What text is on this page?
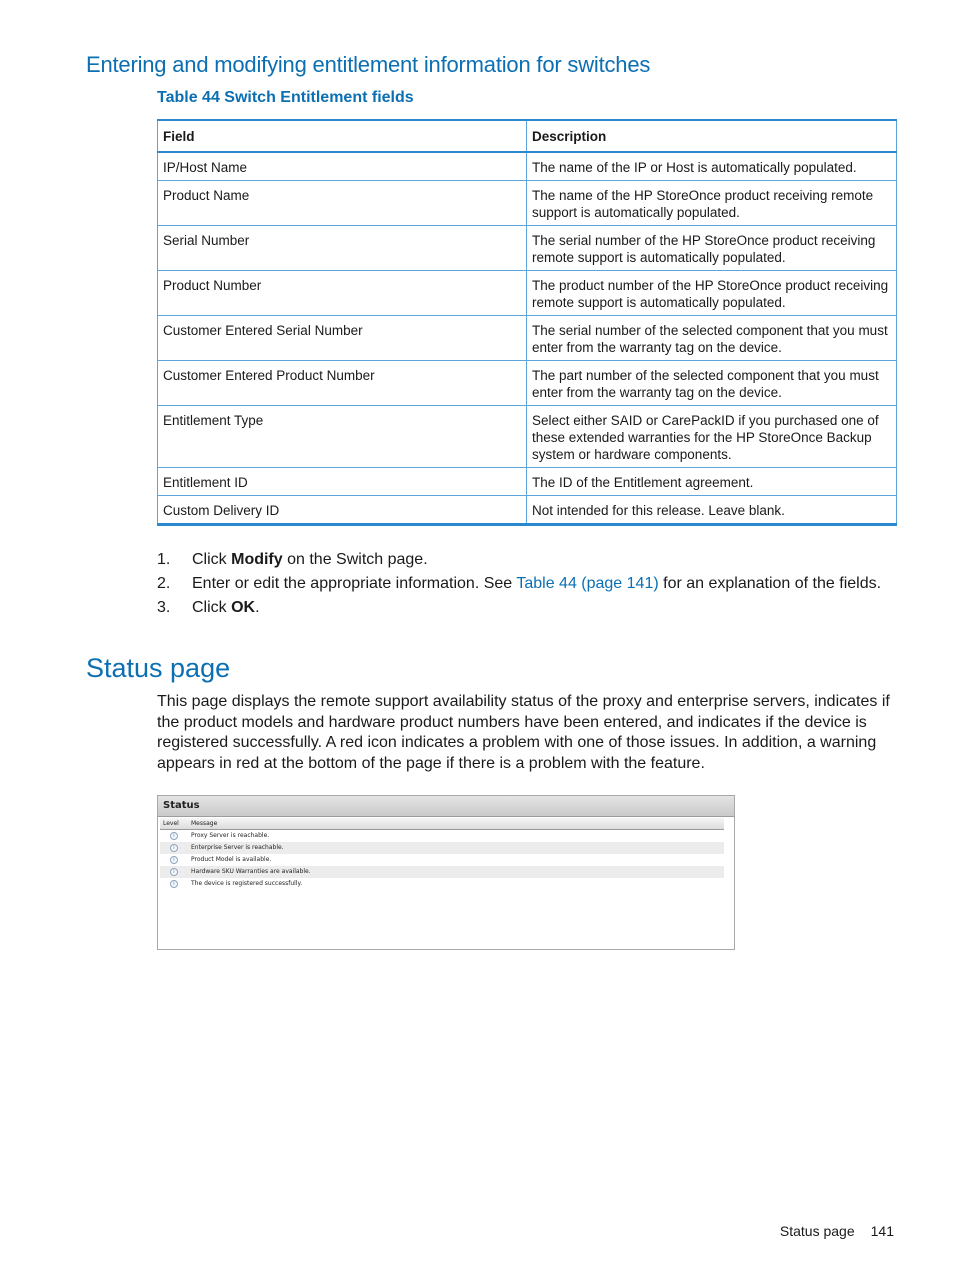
Entering and modifying entitlement information for switches

Table 44 Switch Entitlement fields

Field	Description
IP/Host Name	The name of the IP or Host is automatically populated.
Product Name	The name of the HP StoreOnce product receiving remote support is automatically populated.
Serial Number	The serial number of the HP StoreOnce product receiving remote support is automatically populated.
Product Number	The product number of the HP StoreOnce product receiving remote support is automatically populated.
Customer Entered Serial Number	The serial number of the selected component that you must enter from the warranty tag on the device.
Customer Entered Product Number	The part number of the selected component that you must enter from the warranty tag on the device.
Entitlement Type	Select either SAID or CarePackID if you purchased one of these extended warranties for the HP StoreOnce Backup system or hardware components.
Entitlement ID	The ID of the Entitlement agreement.
Custom Delivery ID	Not intended for this release. Leave blank.
1. Click Modify on the Switch page.
2. Enter or edit the appropriate information. See Table 44 (page 141) for an explanation of the fields.
3. Click OK.
Status page

This page displays the remote support availability status of the proxy and enterprise servers, indicates if the product models and hardware product numbers have been entered, and indicates if the device is registered successfully. A red icon indicates a problem with one of those issues. In addition, a warning appears in red at the bottom of the page if there is a problem with the feature.

Status
Level Message
i	Proxy Server is reachable.
i	Enterprise Server is reachable.
i	Product Model is available.
i	Hardware SKU Warranties are available.
i	The device is registered successfully.
Status page 141
